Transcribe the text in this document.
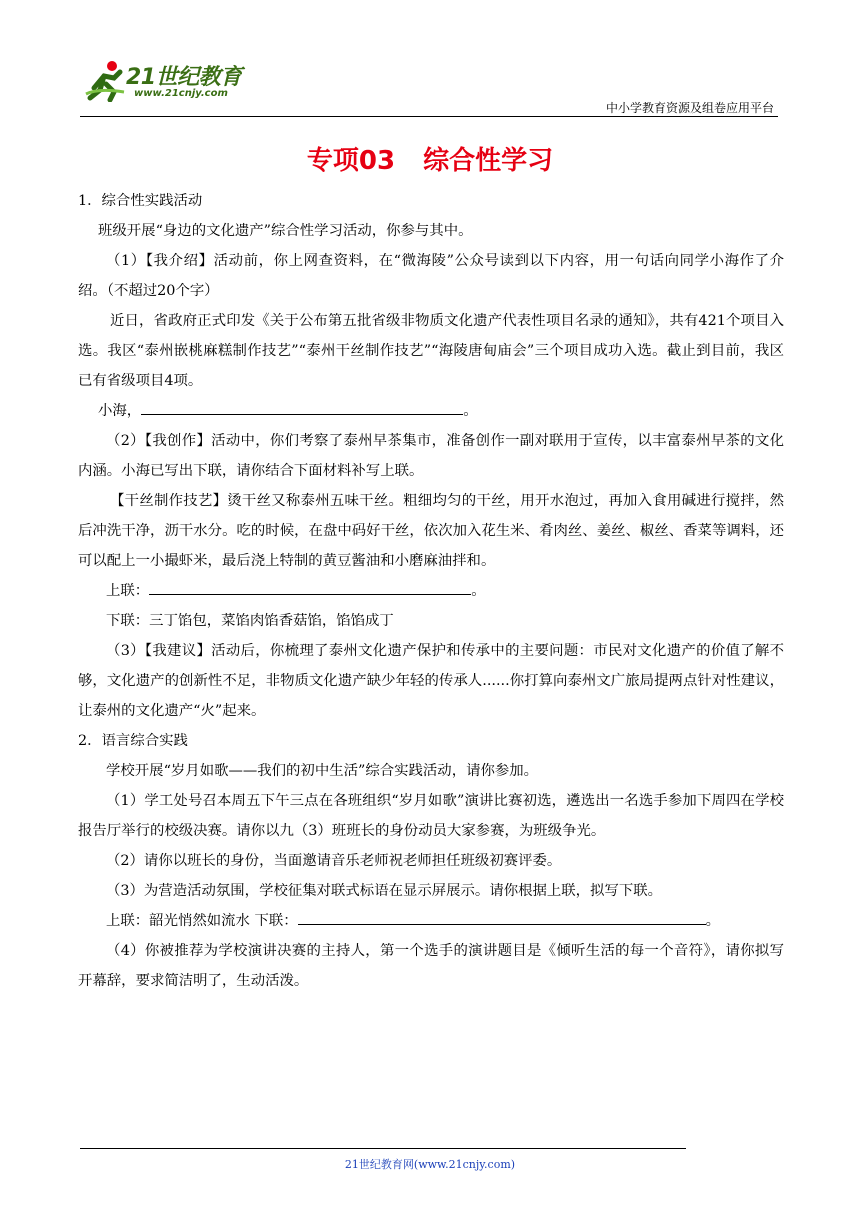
21世纪教育
www.21cnjy.com
中小学教育资源及组卷应用平台
专项03 综合性学习

1．综合性实践活动

班级开展“身边的文化遗产”综合性学习活动，你参与其中。

（1）【我介绍】活动前，你上网查资料，在“微海陵”公众号读到以下内容，用一句话向同学小海作了介绍。（不超过20个字）

近日，省政府正式印发《关于公布第五批省级非物质文化遗产代表性项目名录的通知》，共有421个项目入选。我区“泰州嵌桃麻糕制作技艺”“泰州干丝制作技艺”“海陵唐甸庙会”三个项目成功入选。截止到目前，我区已有省级项目4项。

小海，	。

（2）【我创作】活动中，你们考察了泰州早茶集市，准备创作一副对联用于宣传，以丰富泰州早茶的文化内涵。小海已写出下联，请你结合下面材料补写上联。

【干丝制作技艺】烫干丝又称泰州五味干丝。粗细均匀的干丝，用开水泡过，再加入食用碱进行搅拌，然后冲洗干净，沥干水分。吃的时候，在盘中码好干丝，依次加入花生米、肴肉丝、姜丝、椒丝、香菜等调料，还可以配上一小撮虾米，最后浇上特制的黄豆酱油和小磨麻油拌和。

上联：	。

下联：三丁馅包，菜馅肉馅香菇馅，馅馅成丁

（3）【我建议】活动后，你梳理了泰州文化遗产保护和传承中的主要问题：市民对文化遗产的价值了解不够，文化遗产的创新性不足，非物质文化遗产缺少年轻的传承人......你打算向泰州文广旅局提两点针对性建议，让泰州的文化遗产“火”起来。

2．语言综合实践

学校开展“岁月如歌——我们的初中生活”综合实践活动，请你参加。

（1）学工处号召本周五下午三点在各班组织“岁月如歌”演讲比赛初选，遴选出一名选手参加下周四在学校报告厅举行的校级决赛。请你以九（3）班班长的身份动员大家参赛，为班级争光。

（2）请你以班长的身份，当面邀请音乐老师祝老师担任班级初赛评委。

（3）为营造活动氛围，学校征集对联式标语在显示屏展示。请你根据上联，拟写下联。

上联：韶光悄然如流水 下联：	。

（4）你被推荐为学校演讲决赛的主持人，第一个选手的演讲题目是《倾听生活的每一个音符》，请你拟写开幕辞，要求简洁明了，生动活泼。

21世纪教育网(www.21cnjy.com)
